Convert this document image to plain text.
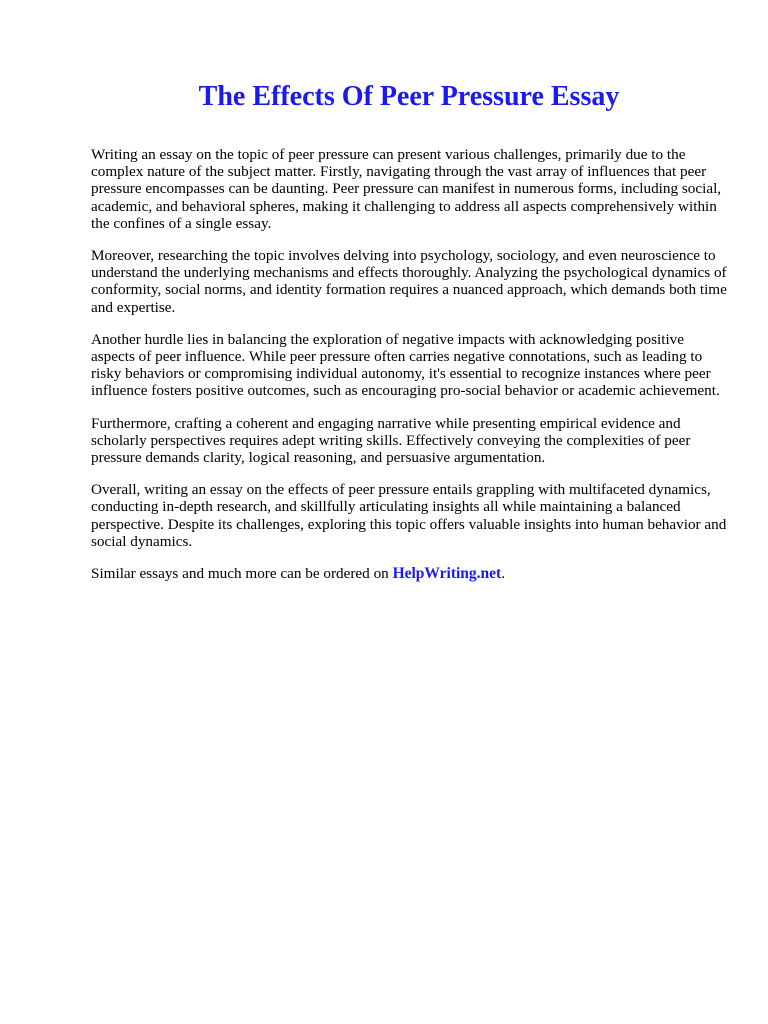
The Effects Of Peer Pressure Essay

Writing an essay on the topic of peer pressure can present various challenges, primarily due to the complex nature of the subject matter. Firstly, navigating through the vast array of influences that peer pressure encompasses can be daunting. Peer pressure can manifest in numerous forms, including social, academic, and behavioral spheres, making it challenging to address all aspects comprehensively within the confines of a single essay.

Moreover, researching the topic involves delving into psychology, sociology, and even neuroscience to understand the underlying mechanisms and effects thoroughly. Analyzing the psychological dynamics of conformity, social norms, and identity formation requires a nuanced approach, which demands both time and expertise.

Another hurdle lies in balancing the exploration of negative impacts with acknowledging positive aspects of peer influence. While peer pressure often carries negative connotations, such as leading to risky behaviors or compromising individual autonomy, it's essential to recognize instances where peer influence fosters positive outcomes, such as encouraging pro-social behavior or academic achievement.

Furthermore, crafting a coherent and engaging narrative while presenting empirical evidence and scholarly perspectives requires adept writing skills. Effectively conveying the complexities of peer pressure demands clarity, logical reasoning, and persuasive argumentation.

Overall, writing an essay on the effects of peer pressure entails grappling with multifaceted dynamics, conducting in-depth research, and skillfully articulating insights all while maintaining a balanced perspective. Despite its challenges, exploring this topic offers valuable insights into human behavior and social dynamics.

Similar essays and much more can be ordered on HelpWriting.net.
